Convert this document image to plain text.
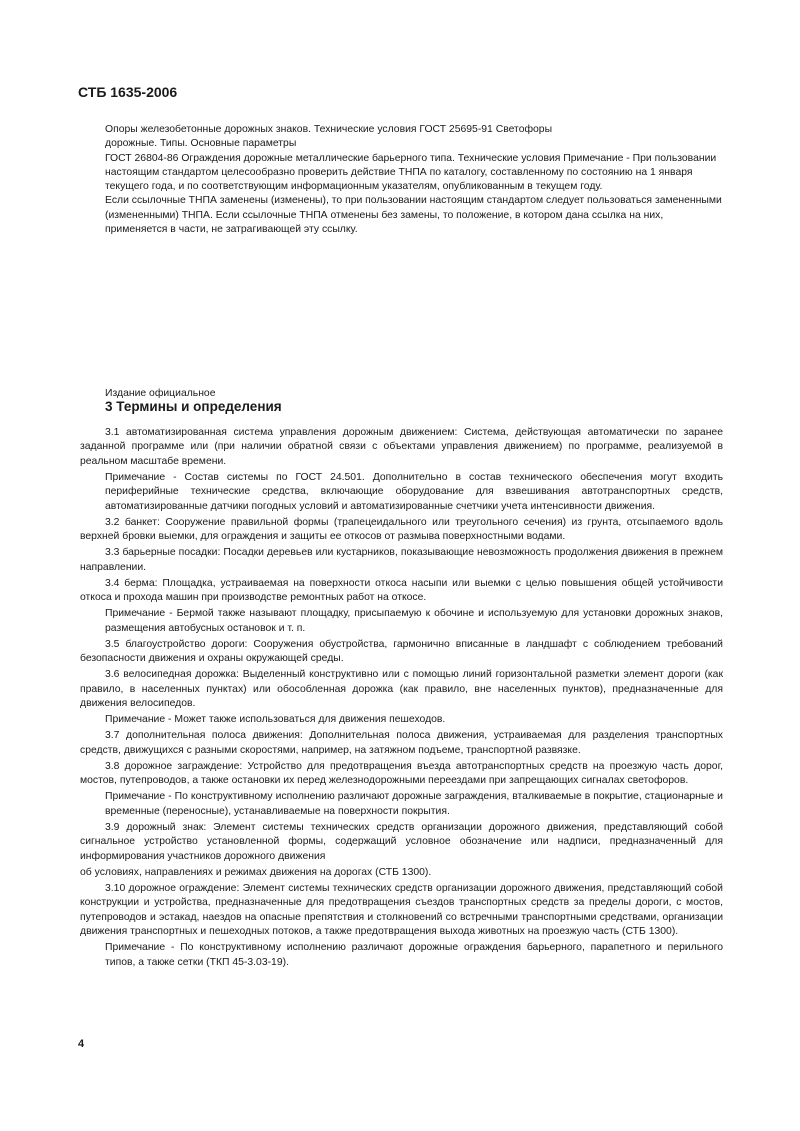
СТБ 1635-2006

Опоры железобетонные дорожных знаков. Технические условия ГОСТ 25695-91 Светофоры

дорожные. Типы. Основные параметры

ГОСТ 26804-86 Ограждения дорожные металлические барьерного типа. Технические условия Примечание - При пользовании настоящим стандартом целесообразно проверить действие ТНПА по каталогу, составленному по состоянию на 1 января текущего года, и по соответствующим информационным указателям, опубликованным в текущем году.

Если ссылочные ТНПА заменены (изменены), то при пользовании настоящим стандартом следует пользоваться замененными (измененными) ТНПА. Если ссылочные ТНПА отменены без замены, то положение, в котором дана ссылка на них, применяется в части, не затрагивающей эту ссылку.

Издание официальное
3 Термины и определения

3.1 автоматизированная система управления дорожным движением: Система, действующая автоматически по заранее заданной программе или (при наличии обратной связи с объектами управления движением) по программе, реализуемой в реальном масштабе времени.

Примечание - Состав системы по ГОСТ 24.501. Дополнительно в состав технического обеспечения могут входить периферийные технические средства, включающие оборудование для взвешивания автотранспортных средств, автоматизированные датчики погодных условий и автоматизированные счетчики учета интенсивности движения.

3.2 банкет: Сооружение правильной формы (трапецеидального или треугольного сечения) из грунта, отсыпаемого вдоль верхней бровки выемки, для ограждения и защиты ее откосов от размыва поверхностными водами.

3.3 барьерные посадки: Посадки деревьев или кустарников, показывающие невозможность продолжения движения в прежнем направлении.

3.4 берма: Площадка, устраиваемая на поверхности откоса насыпи или выемки с целью повышения общей устойчивости откоса и прохода машин при производстве ремонтных работ на откосе.

Примечание - Бермой также называют площадку, присыпаемую к обочине и используемую для установки дорожных знаков, размещения автобусных остановок и т. п.

3.5 благоустройство дороги: Сооружения обустройства, гармонично вписанные в ландшафт с соблюдением требований безопасности движения и охраны окружающей среды.

3.6 велосипедная дорожка: Выделенный конструктивно или с помощью линий горизонтальной разметки элемент дороги (как правило, в населенных пунктах) или обособленная дорожка (как правило, вне населенных пунктов), предназначенные для движения велосипедов.

Примечание - Может также использоваться для движения пешеходов.

3.7 дополнительная полоса движения: Дополнительная полоса движения, устраиваемая для разделения транспортных средств, движущихся с разными скоростями, например, на затяжном подъеме, транспортной развязке.

3.8 дорожное заграждение: Устройство для предотвращения въезда автотранспортных средств на проезжую часть дорог, мостов, путепроводов, а также остановки их перед железнодорожными переездами при запрещающих сигналах светофоров.

Примечание - По конструктивному исполнению различают дорожные заграждения, вталкиваемые в покрытие, стационарные и временные (переносные), устанавливаемые на поверхности покрытия.

3.9 дорожный знак: Элемент системы технических средств организации дорожного движения, представляющий собой сигнальное устройство установленной формы, содержащий условное обозначение или надписи, предназначенный для информирования участников дорожного движения

об условиях, направлениях и режимах движения на дорогах (СТБ 1300).

3.10 дорожное ограждение: Элемент системы технических средств организации дорожного движения, представляющий собой конструкции и устройства, предназначенные для предотвращения съездов транспортных средств за пределы дороги, с мостов, путепроводов и эстакад, наездов на опасные препятствия и столкновений со встречными транспортными средствами, организации движения транспортных и пешеходных потоков, а также предотвращения выхода животных на проезжую часть (СТБ 1300).

Примечание - По конструктивному исполнению различают дорожные ограждения барьерного, парапетного и перильного типов, а также сетки (ТКП 45-3.03-19).

4
